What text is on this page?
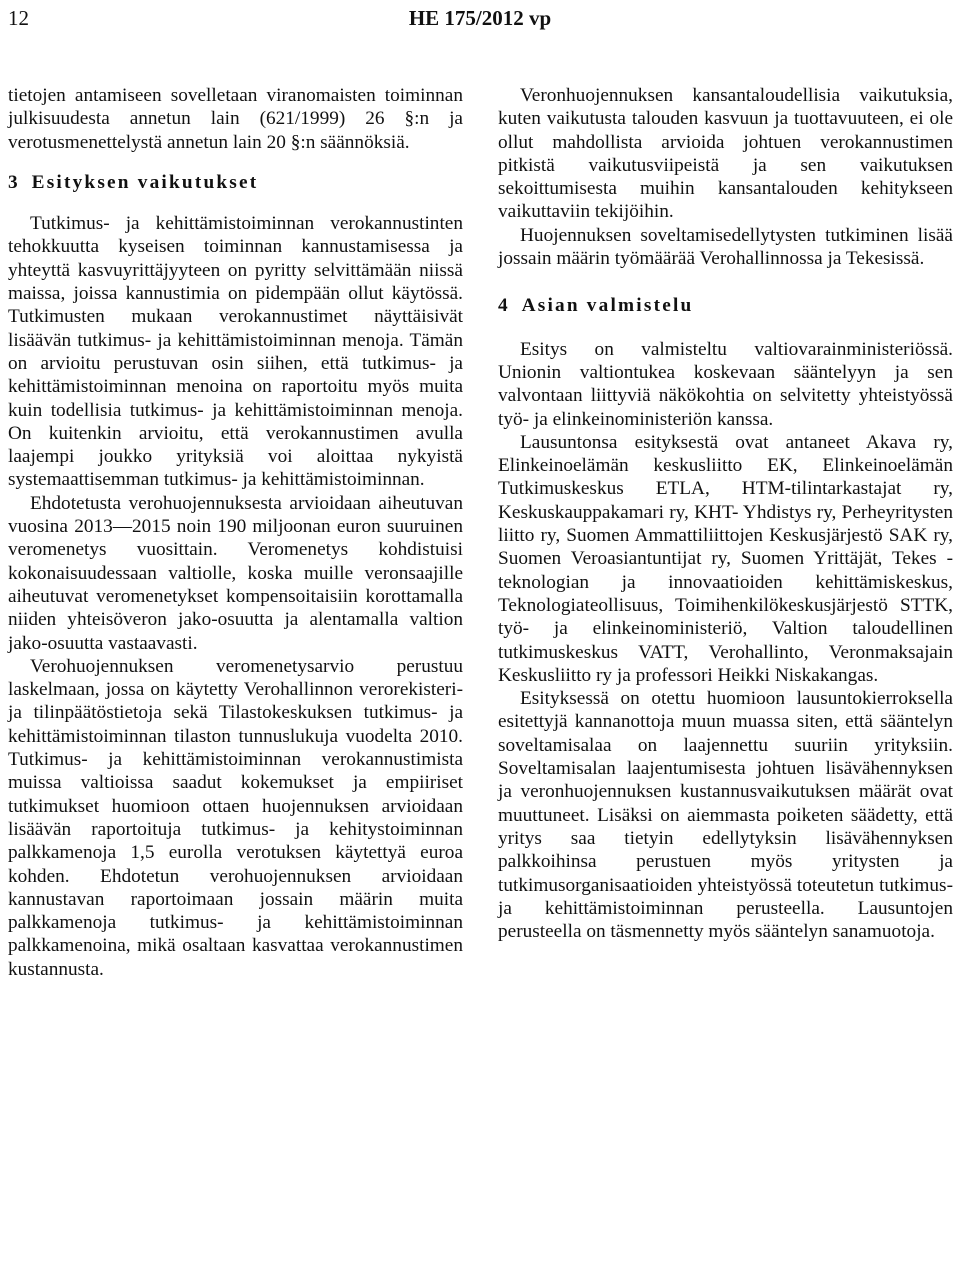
12	HE 175/2012 vp

tietojen antamiseen sovelletaan viranomaisten toiminnan julkisuudesta annetun lain (621/1999) 26 §:n ja verotusmenettelystä annetun lain 20 §:n säännöksiä.

3 Esityksen vaikutukset

Tutkimus- ja kehittämistoiminnan verokannustinten tehokkuutta kyseisen toiminnan kannustamisessa ja yhteyttä kasvuyrittäjyyteen on pyritty selvittämään niissä maissa, joissa kannustimia on pidempään ollut käytössä. Tutkimusten mukaan verokannustimet näyttäisivät lisäävän tutkimus- ja kehittämistoiminnan menoja. Tämän on arvioitu perustuvan osin siihen, että tutkimus- ja kehittämistoiminnan menoina on raportoitu myös muita kuin todellisia tutkimus- ja kehittämistoiminnan menoja. On kuitenkin arvioitu, että verokannustimen avulla laajempi joukko yrityksiä voi aloittaa nykyistä systemaattisemman tutkimus- ja kehittämistoiminnan.

Ehdotetusta verohuojennuksesta arvioidaan aiheutuvan vuosina 2013—2015 noin 190 miljoonan euron suuruinen veromenetys vuosittain. Veromenetys kohdistuisi kokonaisuudessaan valtiolle, koska muille veronsaajille aiheutuvat veromenetykset kompensoitaisiin korottamalla niiden yhteisöveron jako-osuutta ja alentamalla valtion jako-osuutta vastaavasti.

Verohuojennuksen veromenetysarvio perustuu laskelmaan, jossa on käytetty Verohallinnon verorekisteri- ja tilinpäätöstietoja sekä Tilastokeskuksen tutkimus- ja kehittämistoiminnan tilaston tunnuslukuja vuodelta 2010. Tutkimus- ja kehittämistoiminnan verokannustimista muissa valtioissa saadut kokemukset ja empiiriset tutkimukset huomioon ottaen huojennuksen arvioidaan lisäävän raportoituja tutkimus- ja kehitystoiminnan palkkamenoja 1,5 eurolla verotuksen käytettyä euroa kohden. Ehdotetun verohuojennuksen arvioidaan kannustavan raportoimaan jossain määrin muita palkkamenoja tutkimus- ja kehittämistoiminnan palkkamenoina, mikä osaltaan kasvattaa verokannustimen kustannusta.

Veronhuojennuksen kansantaloudellisia vaikutuksia, kuten vaikutusta talouden kasvuun ja tuottavuuteen, ei ole ollut mahdollista arvioida johtuen verokannustimen pitkistä vaikutusviipeistä ja sen vaikutuksen sekoittumisesta muihin kansantalouden kehitykseen vaikuttaviin tekijöihin.

Huojennuksen soveltamisedellytysten tutkiminen lisää jossain määrin työmäärää Verohallinnossa ja Tekesissä.

4 Asian valmistelu

Esitys on valmisteltu valtiovarainministeriössä. Unionin valtiontukea koskevaan sääntelyyn ja sen valvontaan liittyviä näkökohtia on selvitetty yhteistyössä työ- ja elinkeinoministeriön kanssa.

Lausuntonsa esityksestä ovat antaneet Akava ry, Elinkeinoelämän keskusliitto EK, Elinkeinoelämän Tutkimuskeskus ETLA, HTM-tilintarkastajat ry, Keskuskauppakamari ry, KHT- Yhdistys ry, Perheyritysten liitto ry, Suomen Ammattiliittojen Keskusjärjestö SAK ry, Suomen Veroasiantuntijat ry, Suomen Yrittäjät, Tekes - teknologian ja innovaatioiden kehittämiskeskus, Teknologiateollisuus, Toimihenkilökeskusjärjestö STTK, työ- ja elinkeinoministeriö, Valtion taloudellinen tutkimuskeskus VATT, Verohallinto, Veronmaksajain Keskusliitto ry ja professori Heikki Niskakangas.

Esityksessä on otettu huomioon lausuntokierroksella esitettyjä kannanottoja muun muassa siten, että sääntelyn soveltamisalaa on laajennettu suuriin yrityksiin. Soveltamisalan laajentumisesta johtuen lisävähennyksen ja veronhuojennuksen kustannusvaikutuksen määrät ovat muuttuneet. Lisäksi on aiemmasta poiketen säädetty, että yritys saa tietyin edellytyksin lisävähennyksen palkkoihinsa perustuen myös yritysten ja tutkimusorganisaatioiden yhteistyössä toteutetun tutkimus- ja kehittämistoiminnan perusteella. Lausuntojen perusteella on täsmennetty myös sääntelyn sanamuotoja.
